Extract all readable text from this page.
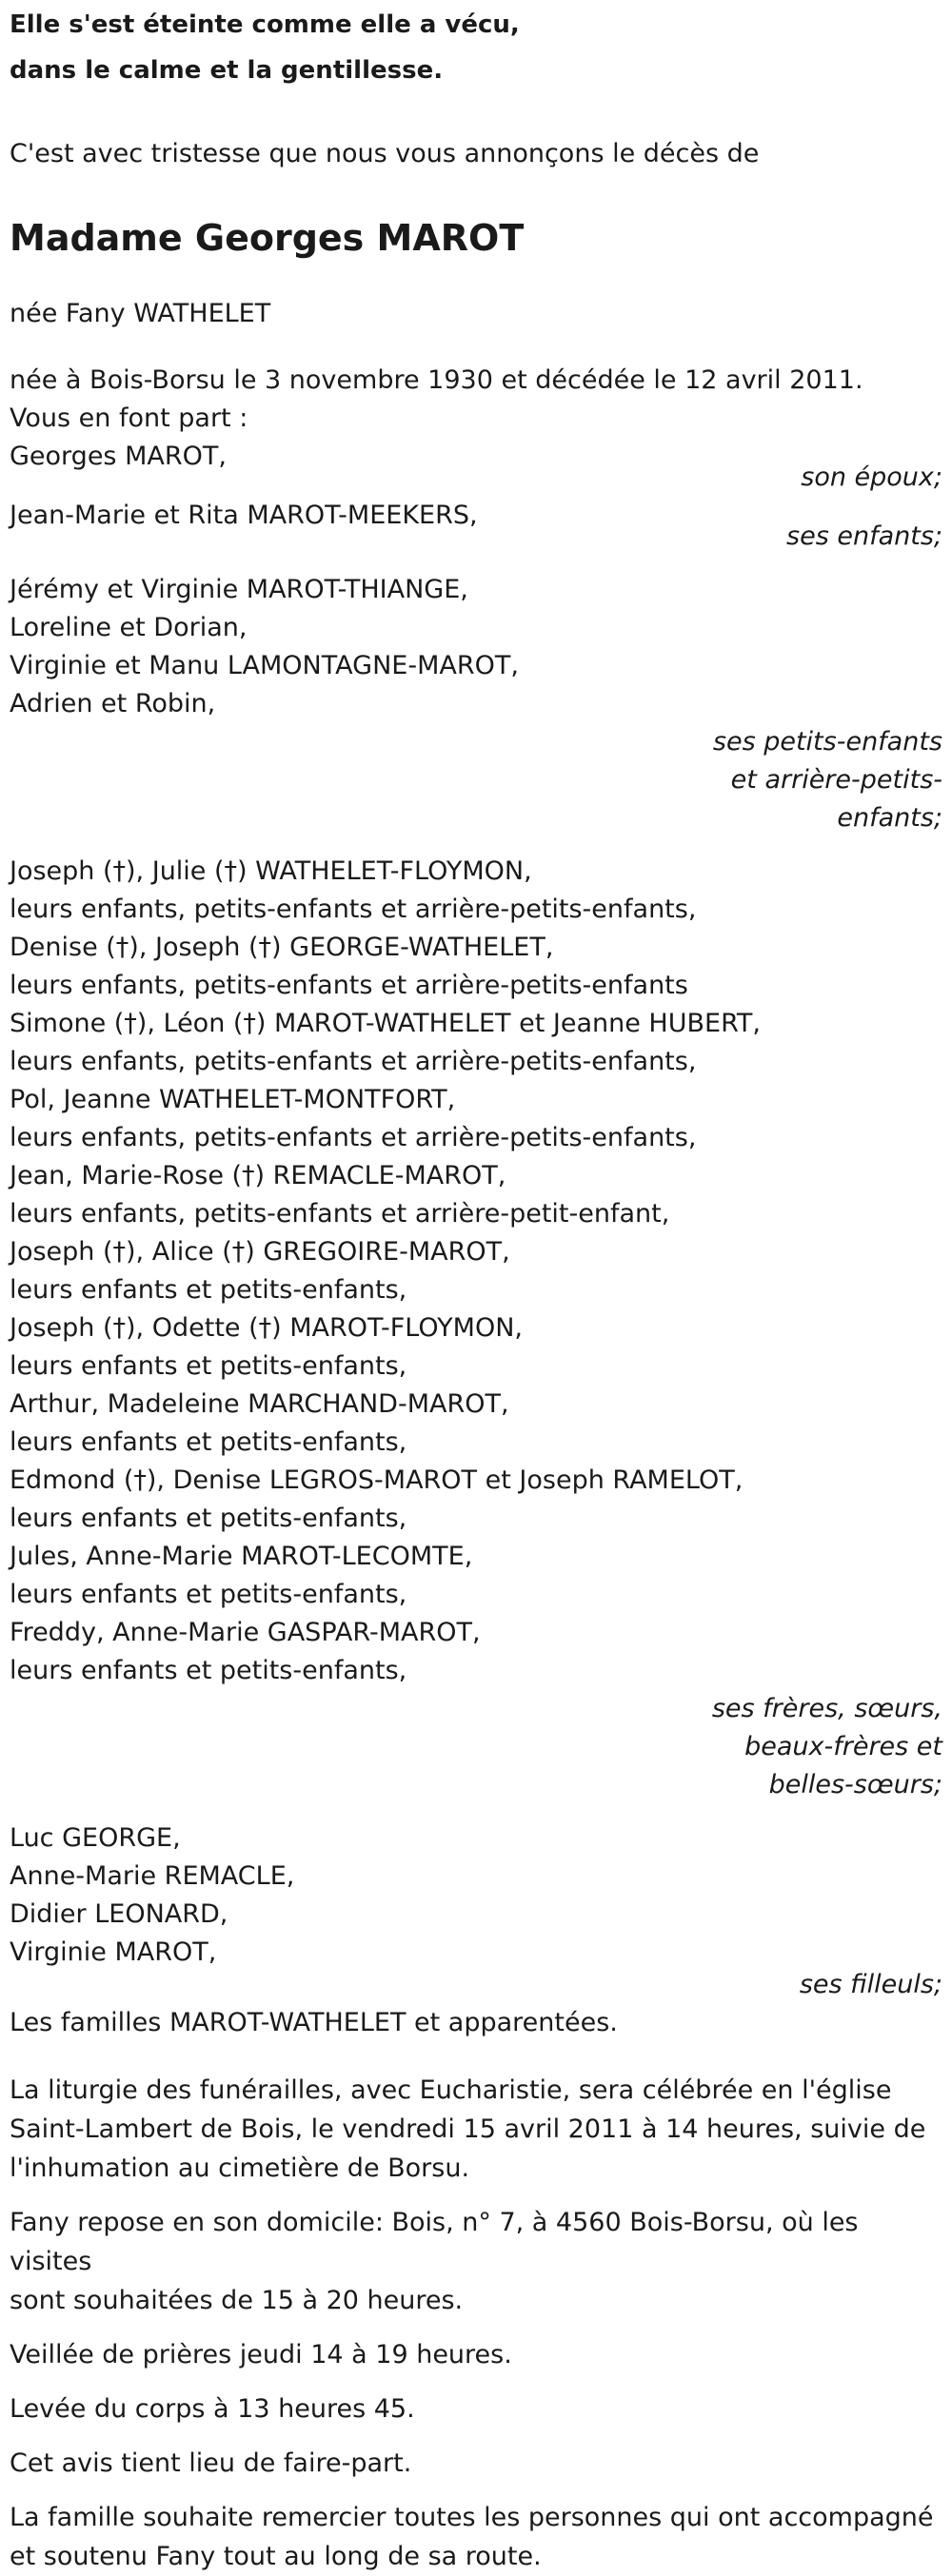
Elle s'est éteinte comme elle a vécu,
dans le calme et la gentillesse.
C'est avec tristesse que nous vous annonçons le décès de
Madame Georges MAROT
née Fany WATHELET
née à Bois-Borsu le 3 novembre 1930 et décédée le 12 avril 2011.
Vous en font part :
Georges MAROT,
son époux;
Jean-Marie et Rita MAROT-MEEKERS,
ses enfants;
Jérémy et Virginie MAROT-THIANGE,
Loreline et Dorian,
Virginie et Manu LAMONTAGNE-MAROT,
Adrien et Robin,
ses petits-enfants
et arrière-petits-
enfants;
Joseph (†), Julie (†) WATHELET-FLOYMON,
leurs enfants, petits-enfants et arrière-petits-enfants,
Denise (†), Joseph (†) GEORGE-WATHELET,
leurs enfants, petits-enfants et arrière-petits-enfants
Simone (†), Léon (†) MAROT-WATHELET et Jeanne HUBERT,
leurs enfants, petits-enfants et arrière-petits-enfants,
Pol, Jeanne WATHELET-MONTFORT,
leurs enfants, petits-enfants et arrière-petits-enfants,
Jean, Marie-Rose (†) REMACLE-MAROT,
leurs enfants, petits-enfants et arrière-petit-enfant,
Joseph (†), Alice (†) GREGOIRE-MAROT,
leurs enfants et petits-enfants,
Joseph (†), Odette (†) MAROT-FLOYMON,
leurs enfants et petits-enfants,
Arthur, Madeleine MARCHAND-MAROT,
leurs enfants et petits-enfants,
Edmond (†), Denise LEGROS-MAROT et Joseph RAMELOT,
leurs enfants et petits-enfants,
Jules, Anne-Marie MAROT-LECOMTE,
leurs enfants et petits-enfants,
Freddy, Anne-Marie GASPAR-MAROT,
leurs enfants et petits-enfants,
ses frères, sœurs,
beaux-frères et
belles-sœurs;
Luc GEORGE,
Anne-Marie REMACLE,
Didier LEONARD,
Virginie MAROT,
ses filleuls;
Les familles MAROT-WATHELET et apparentées.
La liturgie des funérailles, avec Eucharistie, sera célébrée en l'église
Saint-Lambert de Bois, le vendredi 15 avril 2011 à 14 heures, suivie de
l'inhumation au cimetière de Borsu.
Fany repose en son domicile: Bois, n° 7, à 4560 Bois-Borsu, où les visites
sont souhaitées de 15 à 20 heures.
Veillée de prières jeudi 14 à 19 heures.
Levée du corps à 13 heures 45.
Cet avis tient lieu de faire-part.
La famille souhaite remercier toutes les personnes qui ont accompagné
et soutenu Fany tout au long de sa route.
